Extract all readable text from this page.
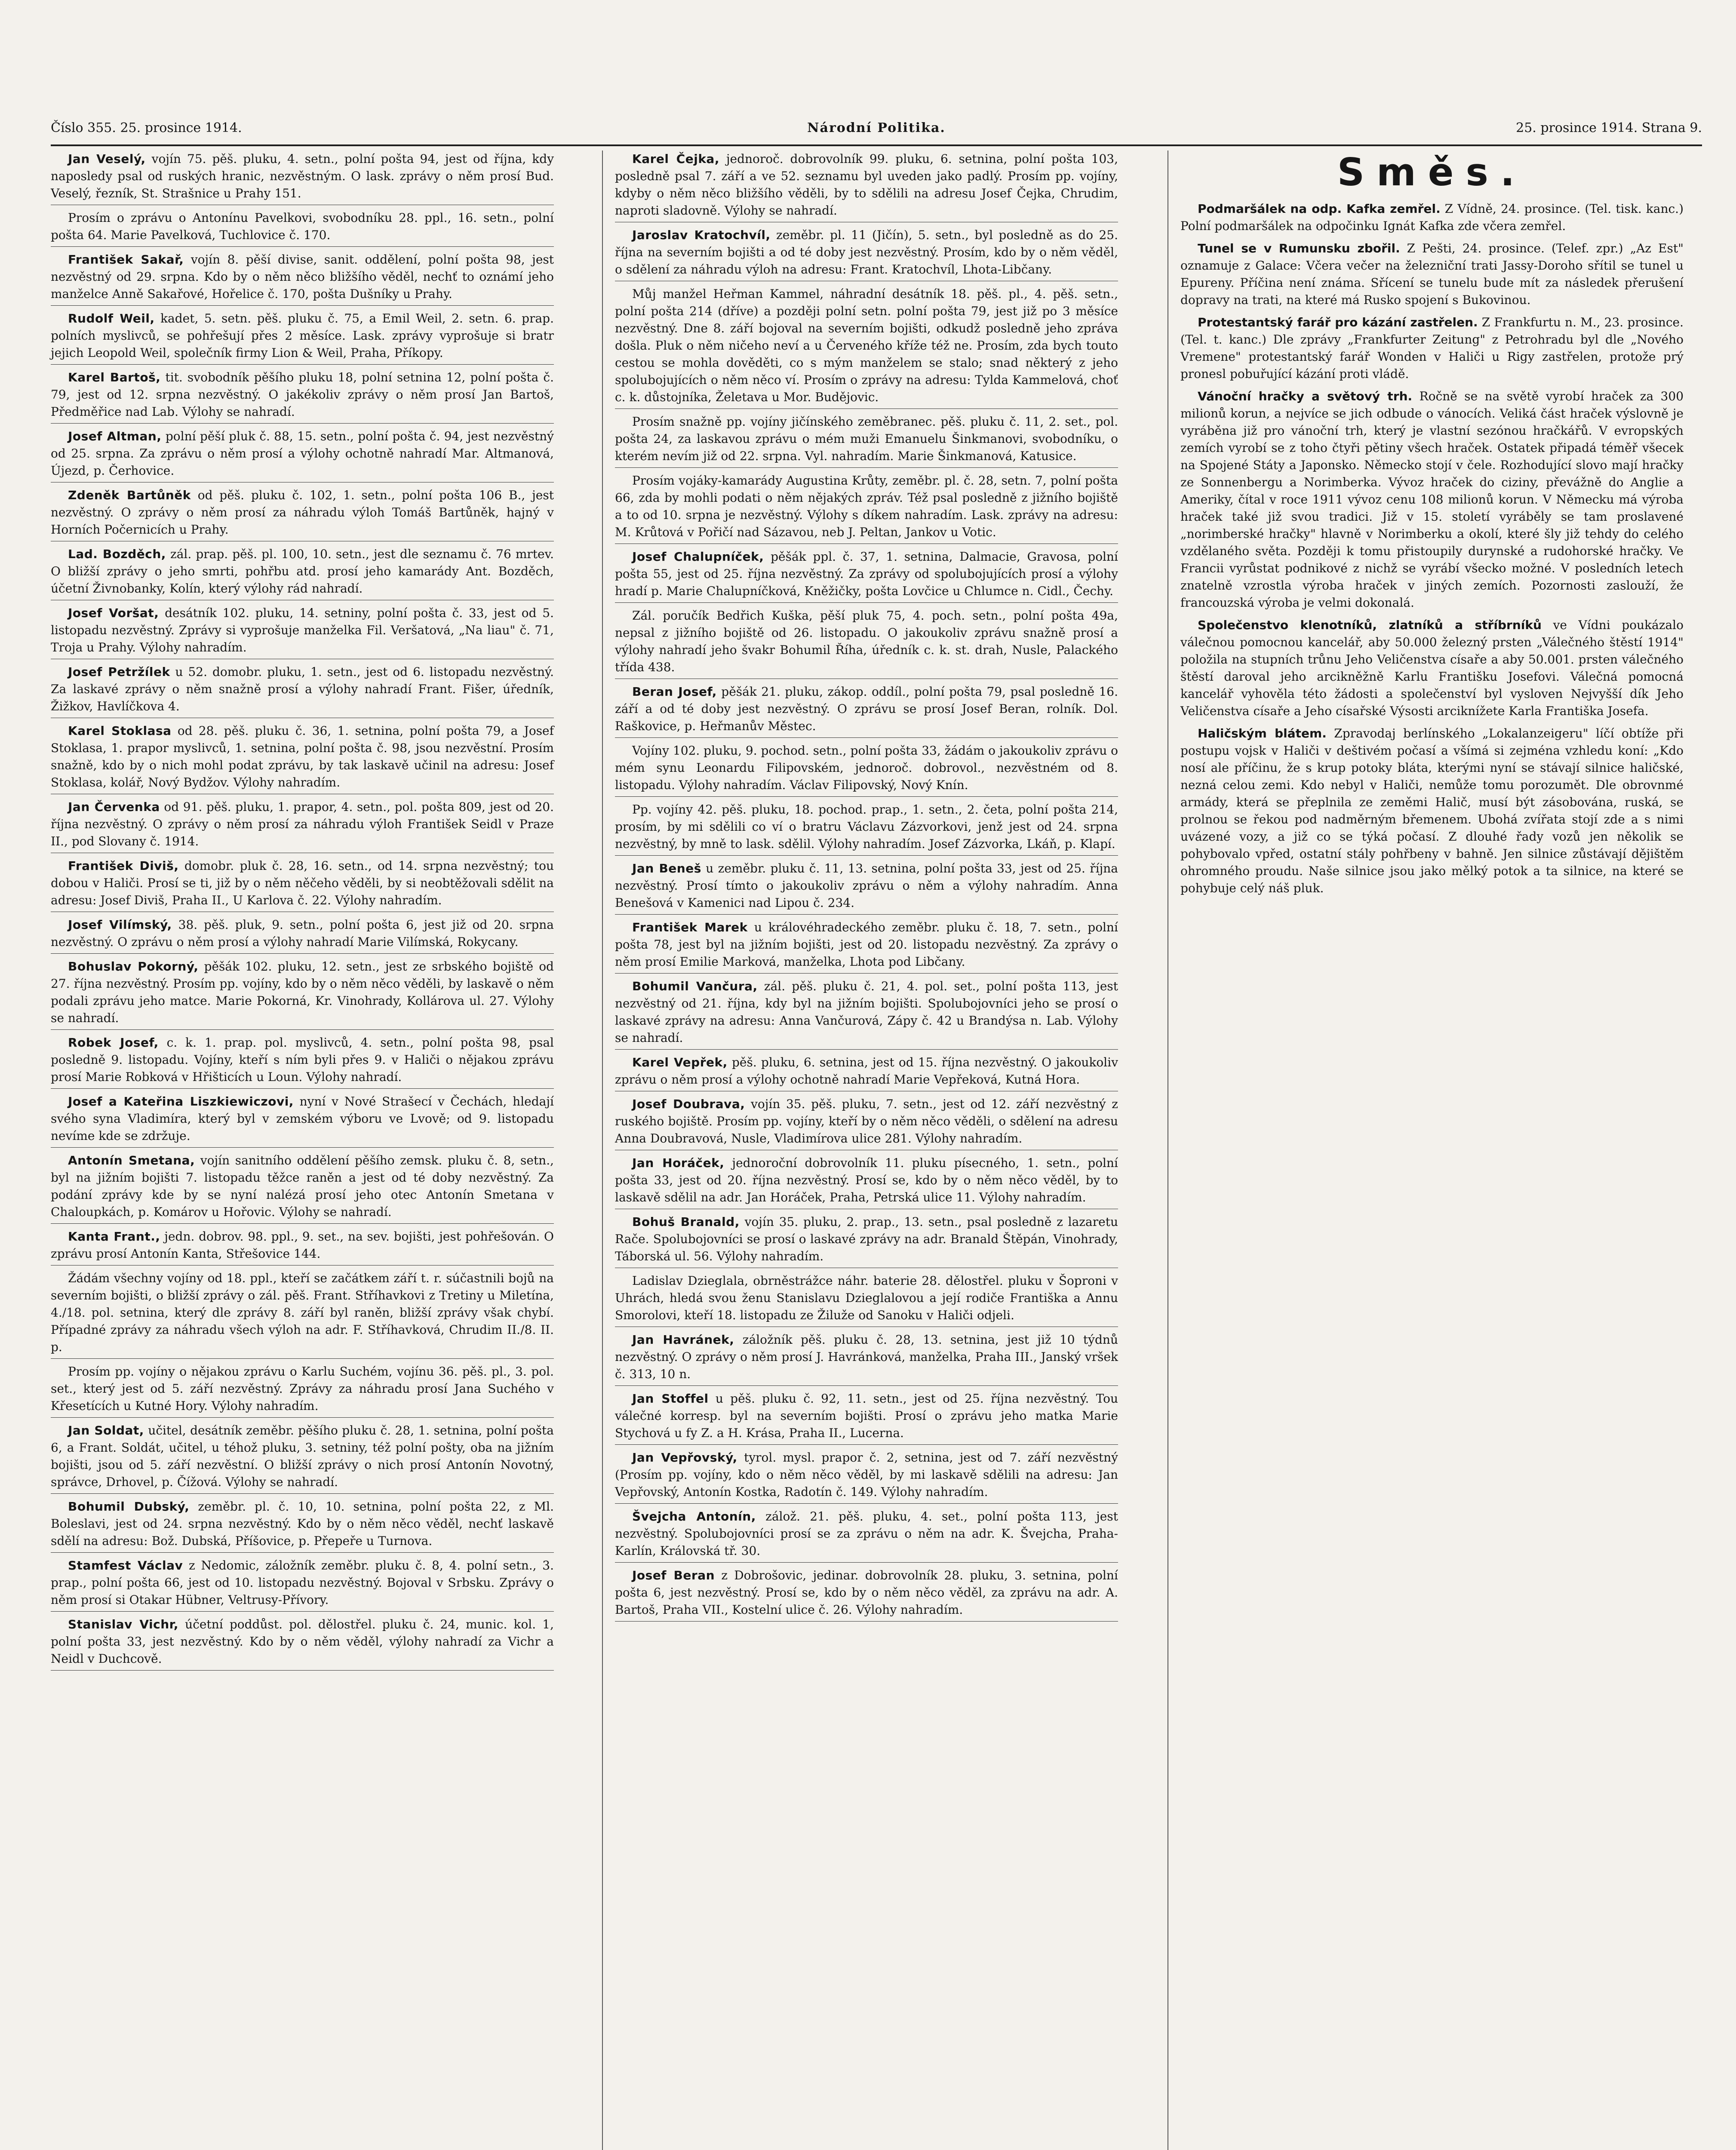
Číslo 355. 25. prosince 1914.	Národní Politika.	25. prosince 1914. Strana 9.

Jan Veselý, vojín 75. pěš. pluku, 4. setn., polní pošta 94, jest od října, kdy naposledy psal od ruských hranic, nezvěstným. O lask. zprávy o něm prosí Bud. Veselý, řezník, St. Strašnice u Prahy 151.

Prosím o zprávu o Antonínu Pavelkovi, svobodníku 28. ppl., 16. setn., polní pošta 64. Marie Pavelková, Tuchlovice č. 170.

František Sakař, vojín 8. pěší divise, sanit. oddělení, polní pošta 98, jest nezvěstný od 29. srpna. Kdo by o něm něco bližšího věděl, nechť to oznámí jeho manželce Anně Sakařové, Hořelice č. 170, pošta Dušníky u Prahy.

Rudolf Weil, kadet, 5. setn. pěš. pluku č. 75, a Emil Weil, 2. setn. 6. prap. polních myslivců, se pohřešují přes 2 měsíce. Lask. zprávy vyprošuje si bratr jejich Leopold Weil, společník firmy Lion & Weil, Praha, Příkopy.

Karel Bartoš, tit. svobodník pěšího pluku 18, polní setnina 12, polní pošta č. 79, jest od 12. srpna nezvěstný. O jakékoliv zprávy o něm prosí Jan Bartoš, Předměřice nad Lab. Výlohy se nahradí.

Josef Altman, polní pěší pluk č. 88, 15. setn., polní pošta č. 94, jest nezvěstný od 25. srpna. Za zprávu o něm prosí a výlohy ochotně nahradí Mar. Altmanová, Újezd, p. Čerhovice.

Zdeněk Bartůněk od pěš. pluku č. 102, 1. setn., polní pošta 106 B., jest nezvěstný. O zprávy o něm prosí za náhradu výloh Tomáš Bartůněk, hajný v Horních Počernicích u Prahy.

Lad. Bozděch, zál. prap. pěš. pl. 100, 10. setn., jest dle seznamu č. 76 mrtev. O bližší zprávy o jeho smrti, pohřbu atd. prosí jeho kamarády Ant. Bozděch, účetní Živnobanky, Kolín, který výlohy rád nahradí.

Josef Voršat, desátník 102. pluku, 14. setniny, polní pošta č. 33, jest od 5. listopadu nezvěstný. Zprávy si vyprošuje manželka Fil. Veršatová, „Na liau" č. 71, Troja u Prahy. Výlohy nahradím.

Josef Petržílek u 52. domobr. pluku, 1. setn., jest od 6. listopadu nezvěstný. Za laskavé zprávy o něm snažně prosí a výlohy nahradí Frant. Fišer, úředník, Žižkov, Havlíčkova 4.

Karel Stoklasa od 28. pěš. pluku č. 36, 1. setnina, polní pošta 79, a Josef Stoklasa, 1. prapor myslivců, 1. setnina, polní pošta č. 98, jsou nezvěstní. Prosím snažně, kdo by o nich mohl podat zprávu, by tak laskavě učinil na adresu: Josef Stoklasa, kolář, Nový Bydžov. Výlohy nahradím.

Jan Červenka od 91. pěš. pluku, 1. prapor, 4. setn., pol. pošta 809, jest od 20. října nezvěstný. O zprávy o něm prosí za náhradu výloh František Seidl v Praze II., pod Slovany č. 1914.

František Diviš, domobr. pluk č. 28, 16. setn., od 14. srpna nezvěstný; tou dobou v Haliči. Prosí se ti, již by o něm něčeho věděli, by si neobtěžovali sdělit na adresu: Josef Diviš, Praha II., U Karlova č. 22. Výlohy nahradím.

Josef Vilímský, 38. pěš. pluk, 9. setn., polní pošta 6, jest již od 20. srpna nezvěstný. O zprávu o něm prosí a výlohy nahradí Marie Vilímská, Rokycany.

Bohuslav Pokorný, pěšák 102. pluku, 12. setn., jest ze srbského bojiště od 27. října nezvěstný. Prosím pp. vojíny, kdo by o něm něco věděli, by laskavě o něm podali zprávu jeho matce. Marie Pokorná, Kr. Vinohrady, Kollárova ul. 27. Výlohy se nahradí.

Robek Josef, c. k. 1. prap. pol. myslivců, 4. setn., polní pošta 98, psal posledně 9. listopadu. Vojíny, kteří s ním byli přes 9. v Haliči o nějakou zprávu prosí Marie Robková v Hřišticích u Loun. Výlohy nahradí.

Josef a Kateřina Liszkiewiczovi, nyní v Nové Strašecí v Čechách, hledají svého syna Vladimíra, který byl v zemském výboru ve Lvově; od 9. listopadu nevíme kde se zdržuje.

Antonín Smetana, vojín sanitního oddělení pěšího zemsk. pluku č. 8, setn., byl na jižním bojišti 7. listopadu těžce raněn a jest od té doby nezvěstný. Za podání zprávy kde by se nyní nalézá prosí jeho otec Antonín Smetana v Chaloupkách, p. Komárov u Hořovic. Výlohy se nahradí.

Kanta Frant., jedn. dobrov. 98. ppl., 9. set., na sev. bojišti, jest pohřešován. O zprávu prosí Antonín Kanta, Střešovice 144.

Žádám všechny vojíny od 18. ppl., kteří se začátkem září t. r. súčastnili bojů na severním bojišti, o bližší zprávy o zál. pěš. Frant. Stříhavkovi z Tretiny u Miletína, 4./18. pol. setnina, který dle zprávy 8. září byl raněn, bližší zprávy však chybí. Případné zprávy za náhradu všech výloh na adr. F. Stříhavková, Chrudim II./8. II. p.

Prosím pp. vojíny o nějakou zprávu o Karlu Suchém, vojínu 36. pěš. pl., 3. pol. set., který jest od 5. září nezvěstný. Zprávy za náhradu prosí Jana Suchého v Křesetících u Kutné Hory. Výlohy nahradím.

Jan Soldat, učitel, desátník zeměbr. pěšího pluku č. 28, 1. setnina, polní pošta 6, a Frant. Soldát, učitel, u téhož pluku, 3. setniny, též polní pošty, oba na jižním bojišti, jsou od 5. září nezvěstní. O bližší zprávy o nich prosí Antonín Novotný, správce, Drhovel, p. Čížová. Výlohy se nahradí.

Bohumil Dubský, zeměbr. pl. č. 10, 10. setnina, polní pošta 22, z Ml. Boleslavi, jest od 24. srpna nezvěstný. Kdo by o něm něco věděl, nechť laskavě sdělí na adresu: Bož. Dubská, Příšovice, p. Přepeře u Turnova.

Stamfest Václav z Nedomic, záložník zeměbr. pluku č. 8, 4. polní setn., 3. prap., polní pošta 66, jest od 10. listopadu nezvěstný. Bojoval v Srbsku. Zprávy o něm prosí si Otakar Hübner, Veltrusy-Přívory.

Stanislav Vichr, účetní poddůst. pol. dělostřel. pluku č. 24, munic. kol. 1, polní pošta 33, jest nezvěstný. Kdo by o něm věděl, výlohy nahradí za Vichr a Neidl v Duchcově.

Karel Čejka, jednoroč. dobrovolník 99. pluku, 6. setnina, polní pošta 103, posledně psal 7. září a ve 52. seznamu byl uveden jako padlý. Prosím pp. vojíny, kdyby o něm něco bližšího věděli, by to sdělili na adresu Josef Čejka, Chrudim, naproti sladovně. Výlohy se nahradí.

Jaroslav Kratochvíl, zeměbr. pl. 11 (Jičín), 5. setn., byl posledně as do 25. října na severním bojišti a od té doby jest nezvěstný. Prosím, kdo by o něm věděl, o sdělení za náhradu výloh na adresu: Frant. Kratochvíl, Lhota-Libčany.

Můj manžel Heřman Kammel, náhradní desátník 18. pěš. pl., 4. pěš. setn., polní pošta 214 (dříve) a později polní setn. polní pošta 79, jest již po 3 měsíce nezvěstný. Dne 8. září bojoval na severním bojišti, odkudž posledně jeho zpráva došla. Pluk o něm ničeho neví a u Červeného kříže též ne. Prosím, zda bych touto cestou se mohla dověděti, co s mým manželem se stalo; snad některý z jeho spolubojujících o něm něco ví. Prosím o zprávy na adresu: Tylda Kammelová, choť c. k. důstojníka, Želetava u Mor. Budějovic.

Prosím snažně pp. vojíny jičínského zeměbranec. pěš. pluku č. 11, 2. set., pol. pošta 24, za laskavou zprávu o mém muži Emanuelu Šinkmanovi, svobodníku, o kterém nevím již od 22. srpna. Vyl. nahradím. Marie Šinkmanová, Katusice.

Prosím vojáky-kamarády Augustina Krůty, zeměbr. pl. č. 28, setn. 7, polní pošta 66, zda by mohli podati o něm nějakých zpráv. Též psal posledně z jižního bojiště a to od 10. srpna je nezvěstný. Výlohy s díkem nahradím. Lask. zprávy na adresu: M. Krůtová v Pořičí nad Sázavou, neb J. Peltan, Jankov u Votic.

Josef Chalupníček, pěšák ppl. č. 37, 1. setnina, Dalmacie, Gravosa, polní pošta 55, jest od 25. října nezvěstný. Za zprávy od spolubojujících prosí a výlohy hradí p. Marie Chalupníčková, Kněžičky, pošta Lovčice u Chlumce n. Cidl., Čechy.

Zál. poručík Bedřich Kuška, pěší pluk 75, 4. poch. setn., polní pošta 49a, nepsal z jižního bojiště od 26. listopadu. O jakoukoliv zprávu snažně prosí a výlohy nahradí jeho švakr Bohumil Říha, úředník c. k. st. drah, Nusle, Palackého třída 438.

Beran Josef, pěšák 21. pluku, zákop. oddíl., polní pošta 79, psal posledně 16. září a od té doby jest nezvěstný. O zprávu se prosí Josef Beran, rolník. Dol. Raškovice, p. Heřmanův Městec.

Vojíny 102. pluku, 9. pochod. setn., polní pošta 33, žádám o jakoukoliv zprávu o mém synu Leonardu Filipovském, jednoroč. dobrovol., nezvěstném od 8. listopadu. Výlohy nahradím. Václav Filipovský, Nový Knín.

Pp. vojíny 42. pěš. pluku, 18. pochod. prap., 1. setn., 2. četa, polní pošta 214, prosím, by mi sdělili co ví o bratru Václavu Zázvorkovi, jenž jest od 24. srpna nezvěstný, by mně to lask. sdělil. Výlohy nahradím. Josef Zázvorka, Lkáň, p. Klapí.

Jan Beneš u zeměbr. pluku č. 11, 13. setnina, polní pošta 33, jest od 25. října nezvěstný. Prosí tímto o jakoukoliv zprávu o něm a výlohy nahradím. Anna Benešová v Kamenici nad Lipou č. 234.

František Marek u královéhradeckého zeměbr. pluku č. 18, 7. setn., polní pošta 78, jest byl na jižním bojišti, jest od 20. listopadu nezvěstný. Za zprávy o něm prosí Emilie Marková, manželka, Lhota pod Libčany.

Bohumil Vančura, zál. pěš. pluku č. 21, 4. pol. set., polní pošta 113, jest nezvěstný od 21. října, kdy byl na jižním bojišti. Spolubojovníci jeho se prosí o laskavé zprávy na adresu: Anna Vančurová, Zápy č. 42 u Brandýsa n. Lab. Výlohy se nahradí.

Karel Vepřek, pěš. pluku, 6. setnina, jest od 15. října nezvěstný. O jakoukoliv zprávu o něm prosí a výlohy ochotně nahradí Marie Vepřeková, Kutná Hora.

Josef Doubrava, vojín 35. pěš. pluku, 7. setn., jest od 12. září nezvěstný z ruského bojiště. Prosím pp. vojíny, kteří by o něm něco věděli, o sdělení na adresu Anna Doubravová, Nusle, Vladimírova ulice 281. Výlohy nahradím.

Jan Horáček, jednoroční dobrovolník 11. pluku písecného, 1. setn., polní pošta 33, jest od 20. října nezvěstný. Prosí se, kdo by o něm něco věděl, by to laskavě sdělil na adr. Jan Horáček, Praha, Petrská ulice 11. Výlohy nahradím.

Bohuš Branald, vojín 35. pluku, 2. prap., 13. setn., psal posledně z lazaretu Rače. Spolubojovníci se prosí o laskavé zprávy na adr. Branald Štěpán, Vinohrady, Táborská ul. 56. Výlohy nahradím.

Ladislav Dzieglala, obrněstrážce náhr. baterie 28. dělostřel. pluku v Šoproni v Uhrách, hledá svou ženu Stanislavu Dzieglalovou a její rodiče Františka a Annu Smorolovi, kteří 18. listopadu ze Žiluže od Sanoku v Haliči odjeli.

Jan Havránek, záložník pěš. pluku č. 28, 13. setnina, jest již 10 týdnů nezvěstný. O zprávy o něm prosí J. Havránková, manželka, Praha III., Janský vršek č. 313, 10 n.

Jan Stoffel u pěš. pluku č. 92, 11. setn., jest od 25. října nezvěstný. Tou válečné korresp. byl na severním bojišti. Prosí o zprávu jeho matka Marie Stychová u fy Z. a H. Krása, Praha II., Lucerna.

Jan Vepřovský, tyrol. mysl. prapor č. 2, setnina, jest od 7. září nezvěstný (Prosím pp. vojíny, kdo o něm něco věděl, by mi laskavě sdělili na adresu: Jan Vepřovský, Antonín Kostka, Radotín č. 149. Výlohy nahradím.

Švejcha Antonín, zálož. 21. pěš. pluku, 4. set., polní pošta 113, jest nezvěstný. Spolubojovníci prosí se za zprávu o něm na adr. K. Švejcha, Praha-Karlín, Královská tř. 30.

Josef Beran z Dobrošovic, jedinar. dobrovolník 28. pluku, 3. setnina, polní pošta 6, jest nezvěstný. Prosí se, kdo by o něm něco věděl, za zprávu na adr. A. Bartoš, Praha VII., Kostelní ulice č. 26. Výlohy nahradím.

Směs.

Podmaršálek na odp. Kafka zemřel. Z Vídně, 24. prosince. (Tel. tisk. kanc.) Polní podmaršálek na odpočinku Ignát Kafka zde včera zemřel.

Tunel se v Rumunsku zbořil. Z Pešti, 24. prosince. (Telef. zpr.) „Az Est" oznamuje z Galace: Včera večer na železniční trati Jassy-Doroho sřítil se tunel u Epureny. Příčina není známa. Sřícení se tunelu bude mít za následek přerušení dopravy na trati, na které má Rusko spojení s Bukovinou.

Protestantský farář pro kázání zastřelen. Z Frankfurtu n. M., 23. prosince. (Tel. t. kanc.) Dle zprávy „Frankfurter Zeitung" z Petrohradu byl dle „Nového Vremene" protestantský farář Wonden v Haliči u Rigy zastřelen, protože prý pronesl pobuřující kázání proti vládě.

Vánoční hračky a světový trh. Ročně se na světě vyrobí hraček za 300 milionů korun, a nejvíce se jich odbude o vánocích. Veliká část hraček výslovně je vyráběna již pro vánoční trh, který je vlastní sezónou hračkářů. V evropských zemích vyrobí se z toho čtyři pětiny všech hraček. Ostatek připadá téměř všecek na Spojené Státy a Japonsko. Německo stojí v čele. Rozhodující slovo mají hračky ze Sonnenbergu a Norimberka. Vývoz hraček do ciziny, převážně do Anglie a Ameriky, čítal v roce 1911 vývoz cenu 108 milionů korun. V Německu má výroba hraček také již svou tradici. Již v 15. století vyráběly se tam proslavené „norimberské hračky" hlavně v Norimberku a okolí, které šly již tehdy do celého vzdělaného světa. Později k tomu přistoupily durynské a rudohorské hračky. Ve Francii vyrůstat podnikové z nichž se vyrábí všecko možné. V posledních letech znatelně vzrostla výroba hraček v jiných zemích. Pozornosti zaslouží, že francouzská výroba je velmi dokonalá.

Společenstvo klenotníků, zlatníků a stříbrníků ve Vídni poukázalo válečnou pomocnou kancelář, aby 50.000 železný prsten „Válečného štěstí 1914" položila na stupních trůnu Jeho Veličenstva císaře a aby 50.001. prsten válečného štěstí daroval jeho arcikněžně Karlu Františku Josefovi. Válečná pomocná kancelář vyhověla této žádosti a společenství byl vysloven Nejvyšší dík Jeho Veličenstva císaře a Jeho císařské Výsosti arciknížete Karla Františka Josefa.

Haličským blátem. Zpravodaj berlínského „Lokalanzeigeru" líčí obtíže při postupu vojsk v Haliči v deštivém počasí a všímá si zejména vzhledu koní: „Kdo nosí ale příčinu, že s krup potoky bláta, kterými nyní se stávají silnice haličské, nezná celou zemi. Kdo nebyl v Haliči, nemůže tomu porozumět. Dle obrovnmé armády, která se přeplnila ze zeměmi Halič, musí být zásobována, ruská, se prolnou se řekou pod nadměrným břemenem. Ubohá zvířata stojí zde a s nimi uvázené vozy, a již co se týká počasí. Z dlouhé řady vozů jen několik se pohybovalo vpřed, ostatní stály pohřbeny v bahně. Jen silnice zůstávají dějištěm ohromného proudu. Naše silnice jsou jako mělký potok a ta silnice, na které se pohybuje celý náš pluk.
